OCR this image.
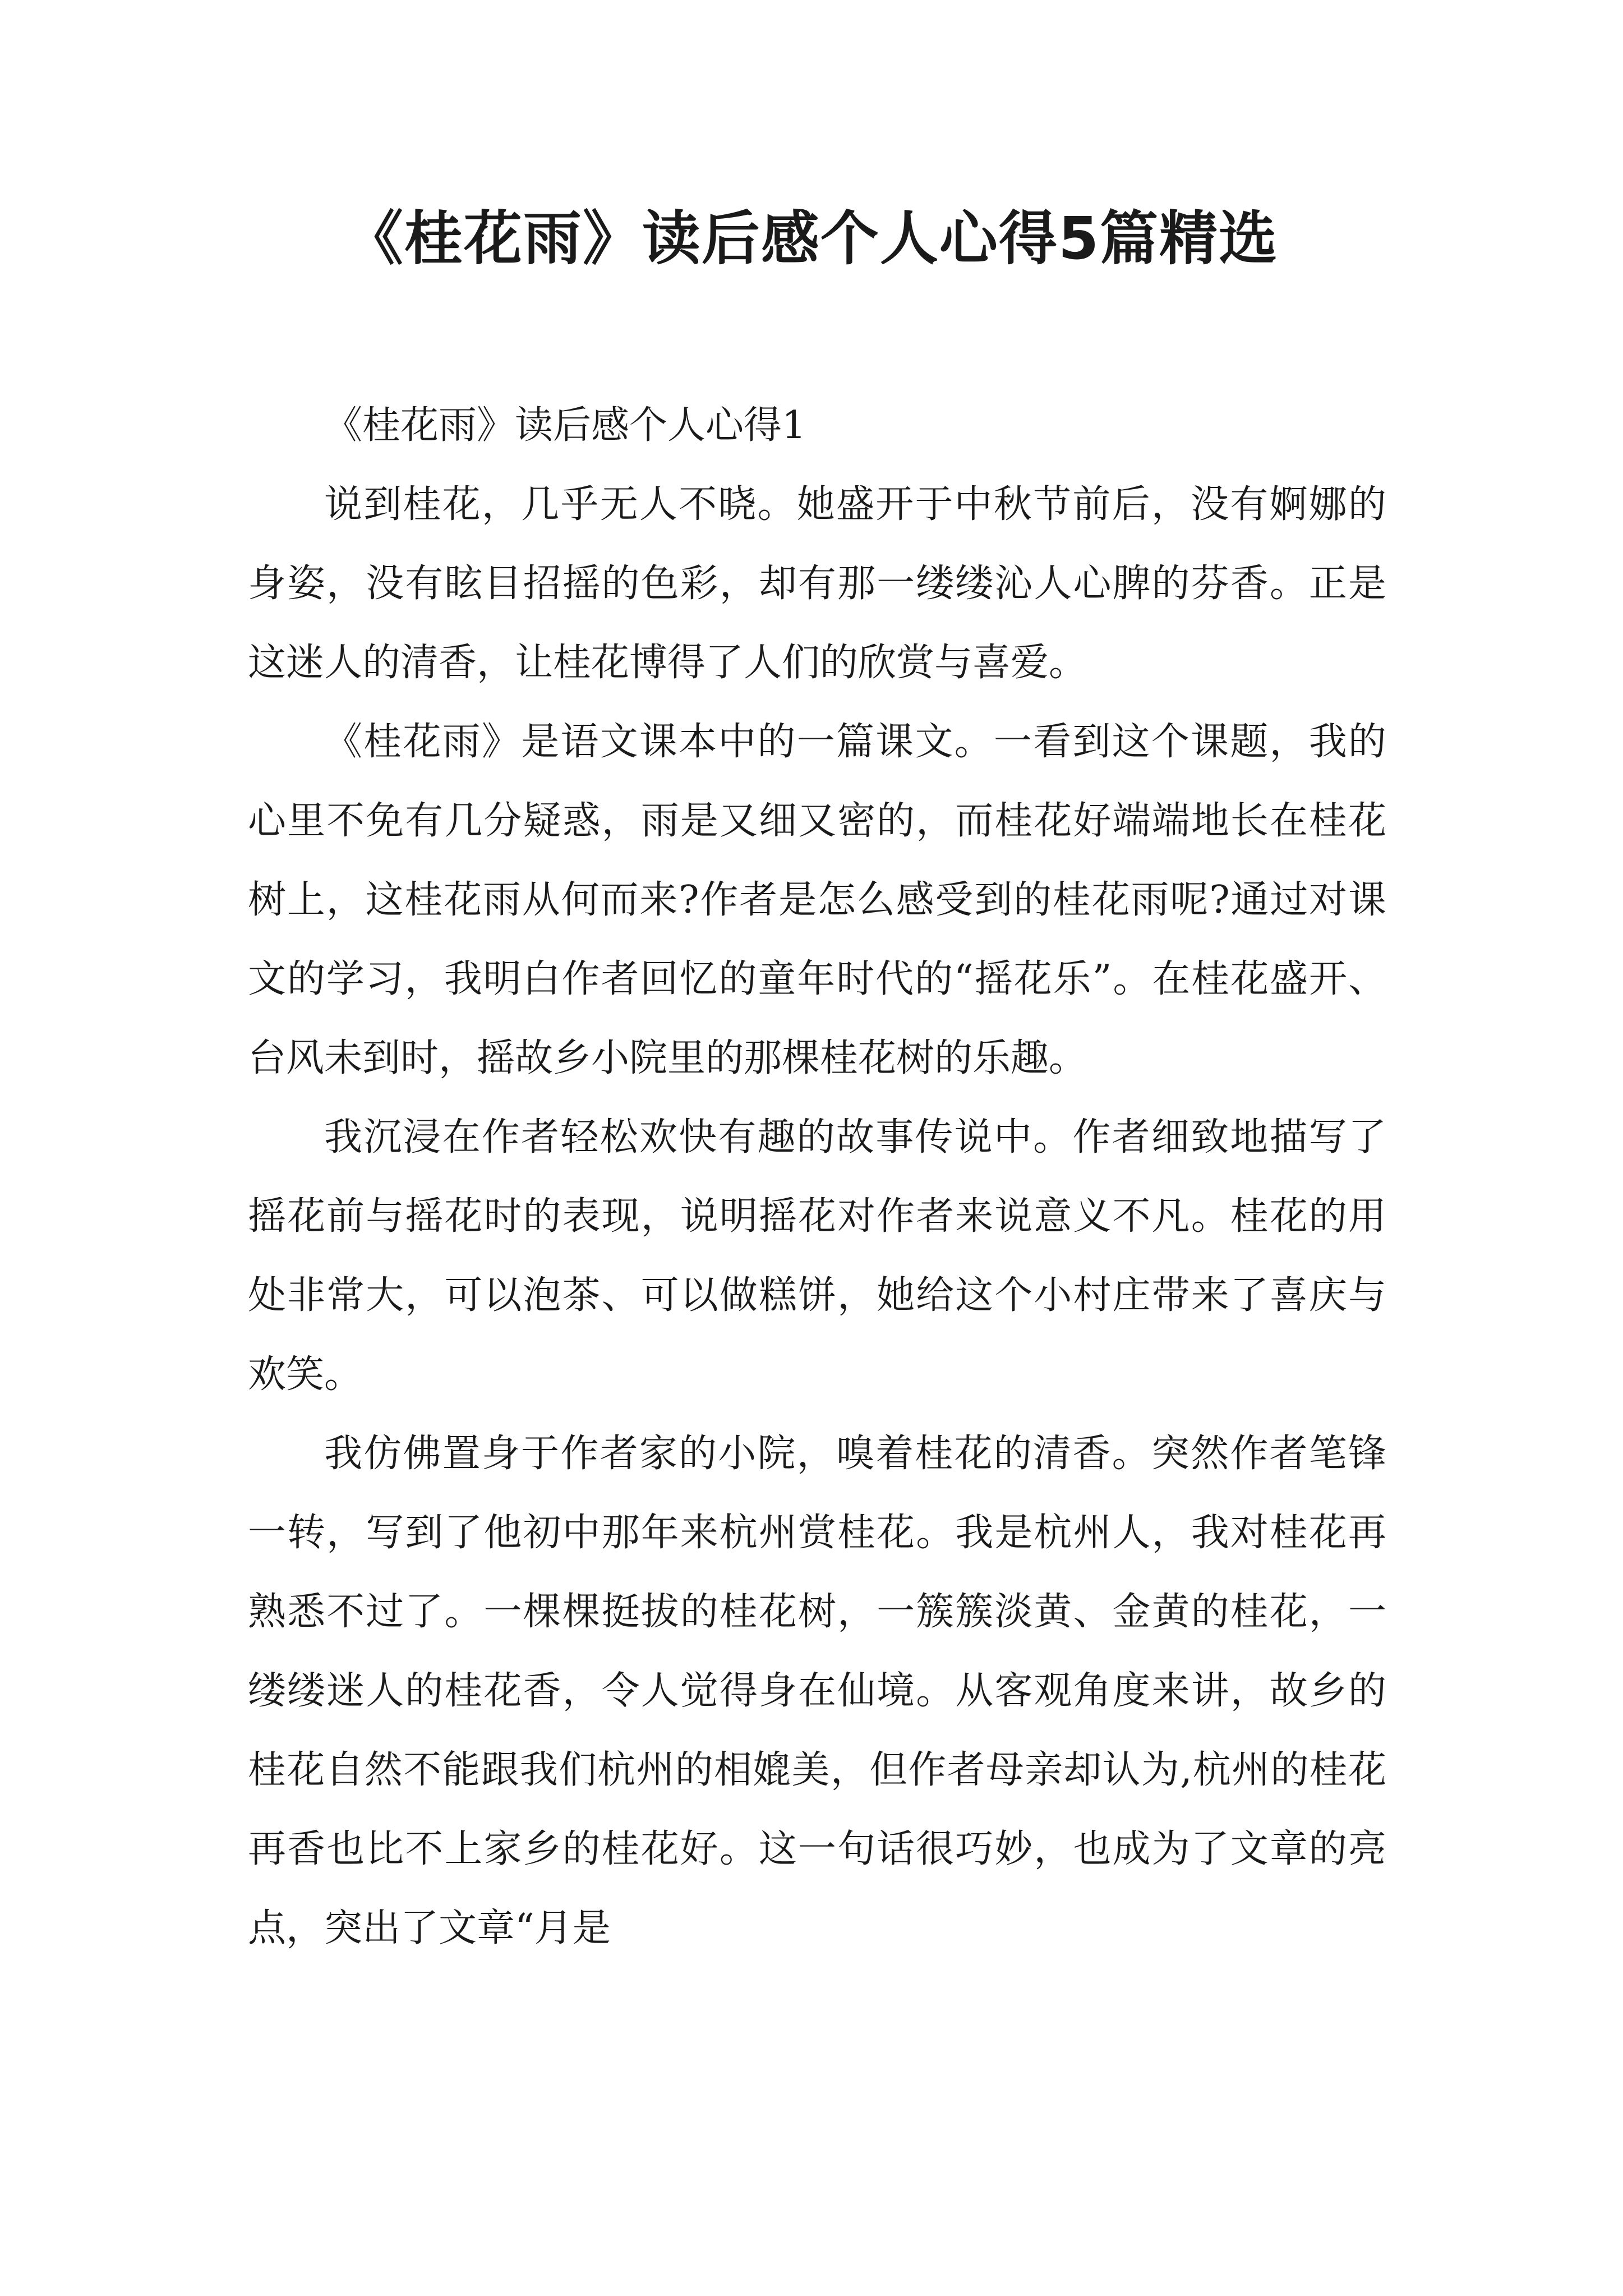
《桂花雨》读后感个人心得5篇精选

《桂花雨》读后感个人心得1

说到桂花，几乎无人不晓。她盛开于中秋节前后，没有婀娜的身姿，没有眩目招摇的色彩，却有那一缕缕沁人心脾的芬香。正是这迷人的清香，让桂花博得了人们的欣赏与喜爱。

《桂花雨》是语文课本中的一篇课文。一看到这个课题，我的心里不免有几分疑惑，雨是又细又密的，而桂花好端端地长在桂花树上，这桂花雨从何而来?作者是怎么感受到的桂花雨呢?通过对课文的学习，我明白作者回忆的童年时代的“摇花乐”。在桂花盛开、台风未到时，摇故乡小院里的那棵桂花树的乐趣。

我沉浸在作者轻松欢快有趣的故事传说中。作者细致地描写了摇花前与摇花时的表现，说明摇花对作者来说意义不凡。桂花的用处非常大，可以泡茶、可以做糕饼，她给这个小村庄带来了喜庆与欢笑。

我仿佛置身于作者家的小院，嗅着桂花的清香。突然作者笔锋一转，写到了他初中那年来杭州赏桂花。我是杭州人，我对桂花再熟悉不过了。一棵棵挺拔的桂花树，一簇簇淡黄、金黄的桂花，一缕缕迷人的桂花香，令人觉得身在仙境。从客观角度来讲，故乡的桂花自然不能跟我们杭州的相媲美，但作者母亲却认为,杭州的桂花再香也比不上家乡的桂花好。这一句话很巧妙，也成为了文章的亮点，突出了文章“月是
